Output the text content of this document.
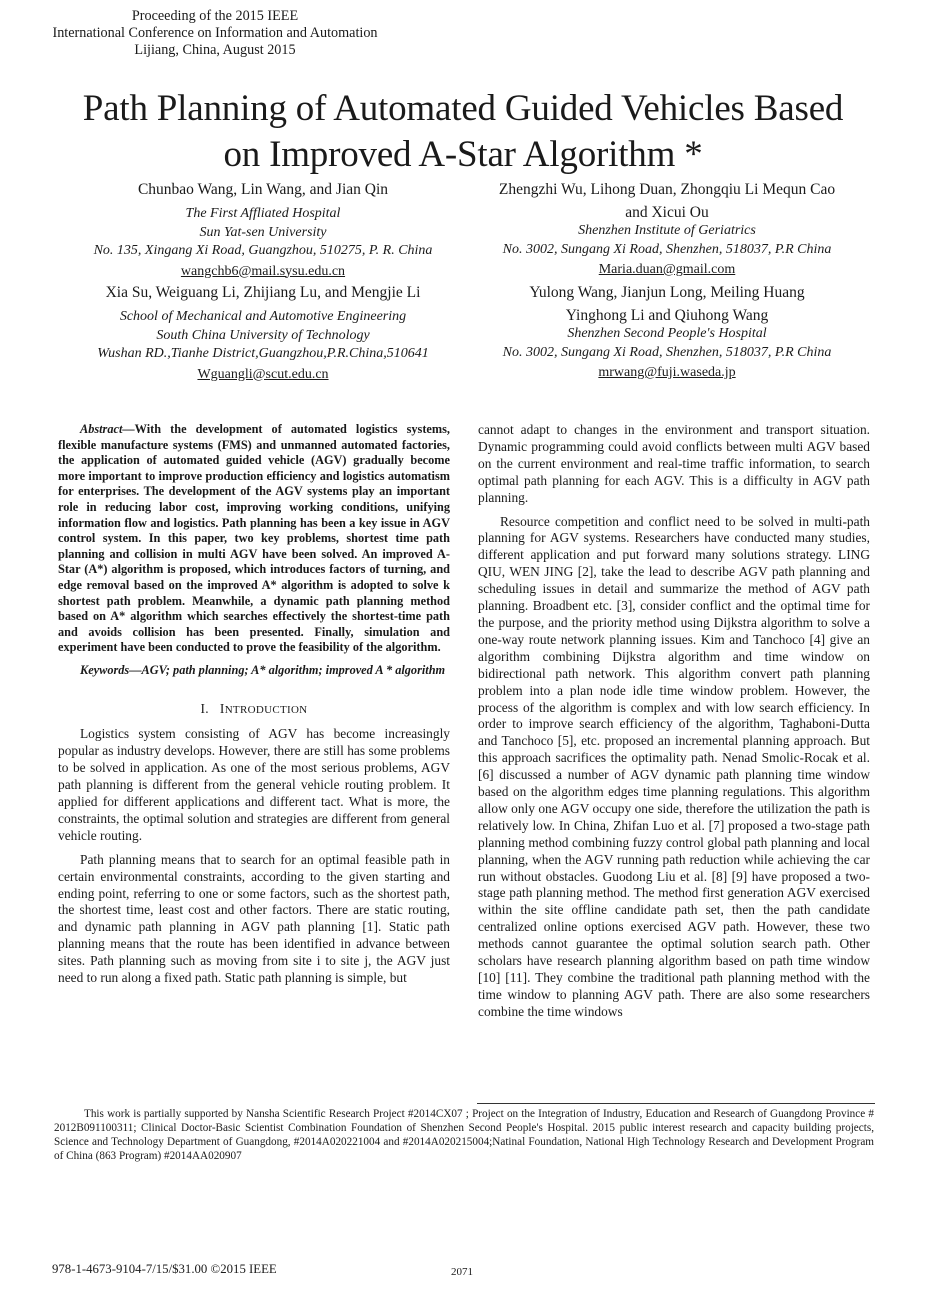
Proceeding of the 2015 IEEE
International Conference on Information and Automation
Lijiang, China, August 2015
Path Planning of Automated Guided Vehicles Based
on Improved A-Star Algorithm *
Chunbao Wang, Lin Wang, and Jian Qin
The First Affliated Hospital
Sun Yat-sen University
No. 135, Xingang Xi Road, Guangzhou, 510275, P. R. China
wangchb6@mail.sysu.edu.cn
Zhengzhi Wu, Lihong Duan, Zhongqiu Li Mequn Cao
and Xicui Ou
Shenzhen Institute of Geriatrics
No. 3002, Sungang Xi Road, Shenzhen, 518037, P.R China
Maria.duan@gmail.com
Xia Su, Weiguang Li, Zhijiang Lu, and Mengjie Li
School of Mechanical and Automotive Engineering
South China University of Technology
Wushan RD.,Tianhe District,Guangzhou,P.R.China,510641
Wguangli@scut.edu.cn
Yulong Wang, Jianjun Long, Meiling Huang
Yinghong Li and Qiuhong Wang
Shenzhen Second People's Hospital
No. 3002, Sungang Xi Road, Shenzhen, 518037, P.R China
mrwang@fuji.waseda.jp

Abstract—With the development of automated logistics systems, flexible manufacture systems (FMS) and unmanned automated factories, the application of automated guided vehicle (AGV) gradually become more important to improve production efficiency and logistics automatism for enterprises. The development of the AGV systems play an important role in reducing labor cost, improving working conditions, unifying information flow and logistics. Path planning has been a key issue in AGV control system. In this paper, two key problems, shortest time path planning and collision in multi AGV have been solved. An improved A-Star (A*) algorithm is proposed, which introduces factors of turning, and edge removal based on the improved A* algorithm is adopted to solve k shortest path problem. Meanwhile, a dynamic path planning method based on A* algorithm which searches effectively the shortest-time path and avoids collision has been presented. Finally, simulation and experiment have been conducted to prove the feasibility of the algorithm.

Keywords—AGV; path planning; A* algorithm; improved A * algorithm

I. INTRODUCTION

Logistics system consisting of AGV has become increasingly popular as industry develops. However, there are still has some problems to be solved in application. As one of the most serious problems, AGV path planning is different from the general vehicle routing problem. It applied for different applications and different tact. What is more, the constraints, the optimal solution and strategies are different from general vehicle routing.

Path planning means that to search for an optimal feasible path in certain environmental constraints, according to the given starting and ending point, referring to one or some factors, such as the shortest path, the shortest time, least cost and other factors. There are static routing, and dynamic path planning in AGV path planning [1]. Static path planning means that the route has been identified in advance between sites. Path planning such as moving from site i to site j, the AGV just need to run along a fixed path. Static path planning is simple, but

cannot adapt to changes in the environment and transport situation. Dynamic programming could avoid conflicts between multi AGV based on the current environment and real-time traffic information, to search optimal path planning for each AGV. This is a difficulty in AGV path planning.

Resource competition and conflict need to be solved in multi-path planning for AGV systems. Researchers have conducted many studies, different application and put forward many solutions strategy. LING QIU, WEN JING [2], take the lead to describe AGV path planning and scheduling issues in detail and summarize the method of AGV path planning. Broadbent etc. [3], consider conflict and the optimal time for the purpose, and the priority method using Dijkstra algorithm to solve a one-way route network planning issues. Kim and Tanchoco [4] give an algorithm combining Dijkstra algorithm and time window on bidirectional path network. This algorithm convert path planning problem into a plan node idle time window problem. However, the process of the algorithm is complex and with low search efficiency. In order to improve search efficiency of the algorithm, Taghaboni-Dutta and Tanchoco [5], etc. proposed an incremental planning approach. But this approach sacrifices the optimality path. Nenad Smolic-Rocak et al. [6] discussed a number of AGV dynamic path planning time window based on the algorithm edges time planning regulations. This algorithm allow only one AGV occupy one side, therefore the utilization the path is relatively low. In China, Zhifan Luo et al. [7] proposed a two-stage path planning method combining fuzzy control global path planning and local planning, when the AGV running path reduction while achieving the car run without obstacles. Guodong Liu et al. [8] [9] have proposed a two-stage path planning method. The method first generation AGV exercised within the site offline candidate path set, then the path candidate centralized online options exercised AGV path. However, these two methods cannot guarantee the optimal solution search path. Other scholars have research planning algorithm based on path time window [10] [11]. They combine the traditional path planning method with the time window to planning AGV path. There are also some researchers combine the time windows

This work is partially supported by Nansha Scientific Research Project #2014CX07 ; Project on the Integration of Industry, Education and Research of Guangdong Province # 2012B091100311; Clinical Doctor-Basic Scientist Combination Foundation of Shenzhen Second People's Hospital. 2015 public interest research and capacity building projects, Science and Technology Department of Guangdong, #2014A020221004 and #2014A020215004;Natinal Foundation, National High Technology Research and Development Program of China (863 Program) #2014AA020907
978-1-4673-9104-7/15/$31.00 ©2015 IEEE	2071
